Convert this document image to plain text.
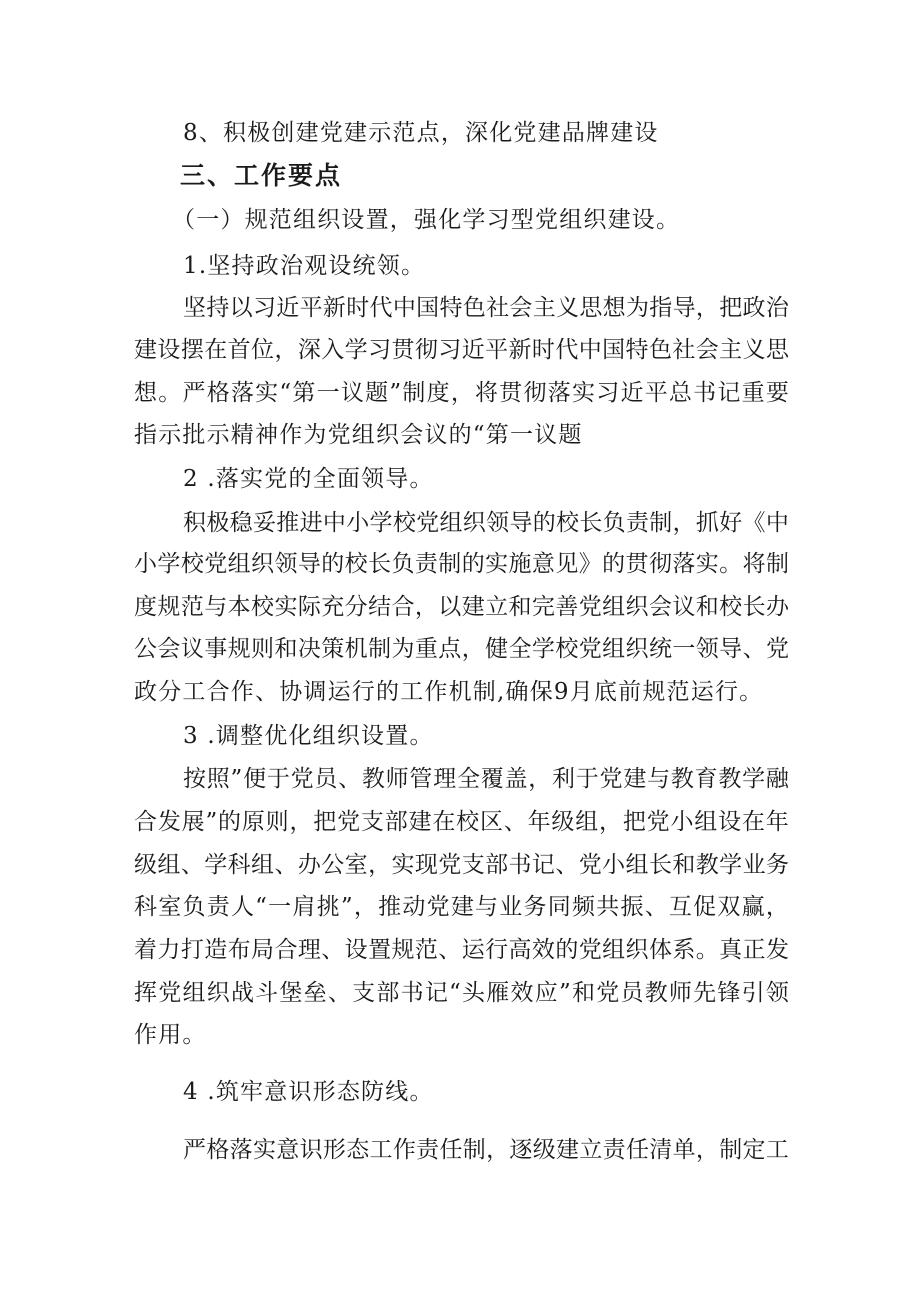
8、积极创建党建示范点，深化党建品牌建设
三、工作要点
（一）规范组织设置，强化学习型党组织建设。
1.坚持政治观设统领。
坚 持 以 习 近 平 新 时 代 中 国 特 色 社 会 主 义 思 想 为 指 导 ， 把 政 治
建 设 摆 在 首 位 ， 深 入 学 习 贯 彻 习 近 平 新 时 代 中 国 特 色 社 会 主 义 思
想 。 严 格 落 实 “ 第 一 议 题 ” 制 度 ， 将 贯 彻 落 实 习 近 平 总 书 记 重 要
指示批示精神作为党组织会议的“第一议题
2 .落实党的全面领导。
积 极 稳 妥 推 进 中 小 学 校 党 组 织 领 导 的 校 长 负 责 制 ， 抓 好 《 中
小 学 校 党 组 织 领 导 的 校 长 负 责 制 的 实 施 意 见 》 的 贯 彻 落 实 。 将 制
度 规 范 与 本 校 实 际 充 分 结 合 ， 以 建 立 和 完 善 党 组 织 会 议 和 校 长 办
公 会 议 事 规 则 和 决 策 机 制 为 重 点 ， 健 全 学 校 党 组 织 统 一 领 导 、 党
政分工合作、协调运行的工作机制,确保9月底前规范运行。
3 .调整优化组织设置。
按 照 ” 便 于 党 员 、 教 师 管 理 全 覆 盖 ， 利 于 党 建 与 教 育 教 学 融
合 发 展 ” 的 原 则 ， 把 党 支 部 建 在 校 区 、 年 级 组 ， 把 党 小 组 设 在 年
级 组 、 学 科 组 、 办 公 室 ， 实 现 党 支 部 书 记 、 党 小 组 长 和 教 学 业 务
科 室 负 责 人 “ 一 肩 挑 ” ， 推 动 党 建 与 业 务 同 频 共 振 、 互 促 双 赢 ，
着 力 打 造 布 局 合 理 、 设 置 规 范 、 运 行 高 效 的 党 组 织 体 系 。 真 正 发
挥 党 组 织 战 斗 堡 垒 、 支 部 书 记 “ 头 雁 效 应 ” 和 党 员 教 师 先 锋 引 领
作用。
4 .筑牢意识形态防线。
严 格 落 实 意 识 形 态 工 作 责 任 制 ， 逐 级 建 立 责 任 清 单 ， 制 定 工
